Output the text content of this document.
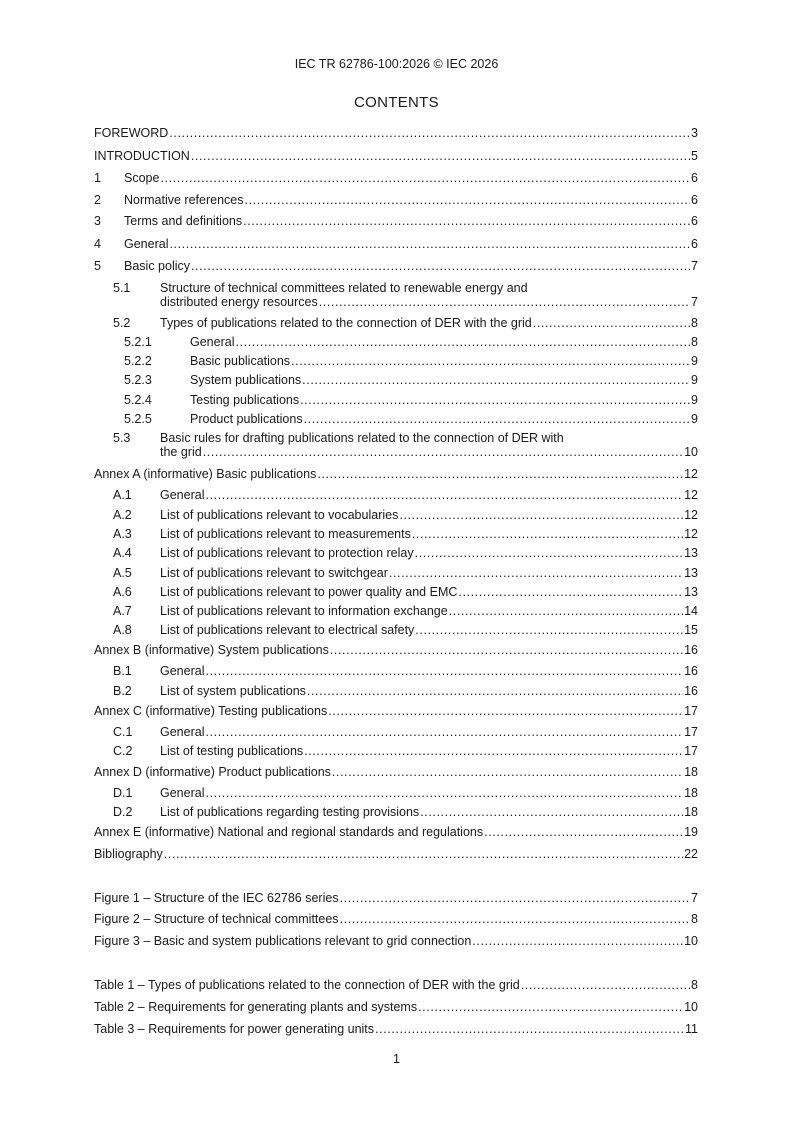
IEC TR 62786-100:2026 © IEC 2026
CONTENTS
FOREWORD .....	3
INTRODUCTION .....	5
1	Scope .....	6
2	Normative references .....	6
3	Terms and definitions .....	6
4	General .....	6
5	Basic policy .....	7
5.1	Structure of technical committees related to renewable energy and
distributed energy resources .....	7
5.2	Types of publications related to the connection of DER with the grid .....	8
5.2.1	General .....	8
5.2.2	Basic publications .....	9
5.2.3	System publications .....	9
5.2.4	Testing publications .....	9
5.2.5	Product publications .....	9
5.3	Basic rules for drafting publications related to the connection of DER with
the grid .....	10
Annex A (informative) Basic publications .....	12
A.1	General .....	12
A.2	List of publications relevant to vocabularies .....	12
A.3	List of publications relevant to measurements .....	12
A.4	List of publications relevant to protection relay .....	13
A.5	List of publications relevant to switchgear .....	13
A.6	List of publications relevant to power quality and EMC .....	13
A.7	List of publications relevant to information exchange .....	14
A.8	List of publications relevant to electrical safety .....	15
Annex B (informative) System publications .....	16
B.1	General .....	16
B.2	List of system publications .....	16
Annex C (informative) Testing publications .....	17
C.1	General .....	17
C.2	List of testing publications .....	17
Annex D (informative) Product publications .....	18
D.1	General .....	18
D.2	List of publications regarding testing provisions .....	18
Annex E (informative) National and regional standards and regulations .....	19
Bibliography .....	22
Figure 1 – Structure of the IEC 62786 series .....	7
Figure 2 – Structure of technical committees .....	8
Figure 3 – Basic and system publications relevant to grid connection .....	10
Table 1 – Types of publications related to the connection of DER with the grid .....	8
Table 2 – Requirements for generating plants and systems .....	10
Table 3 – Requirements for power generating units .....	11
1
